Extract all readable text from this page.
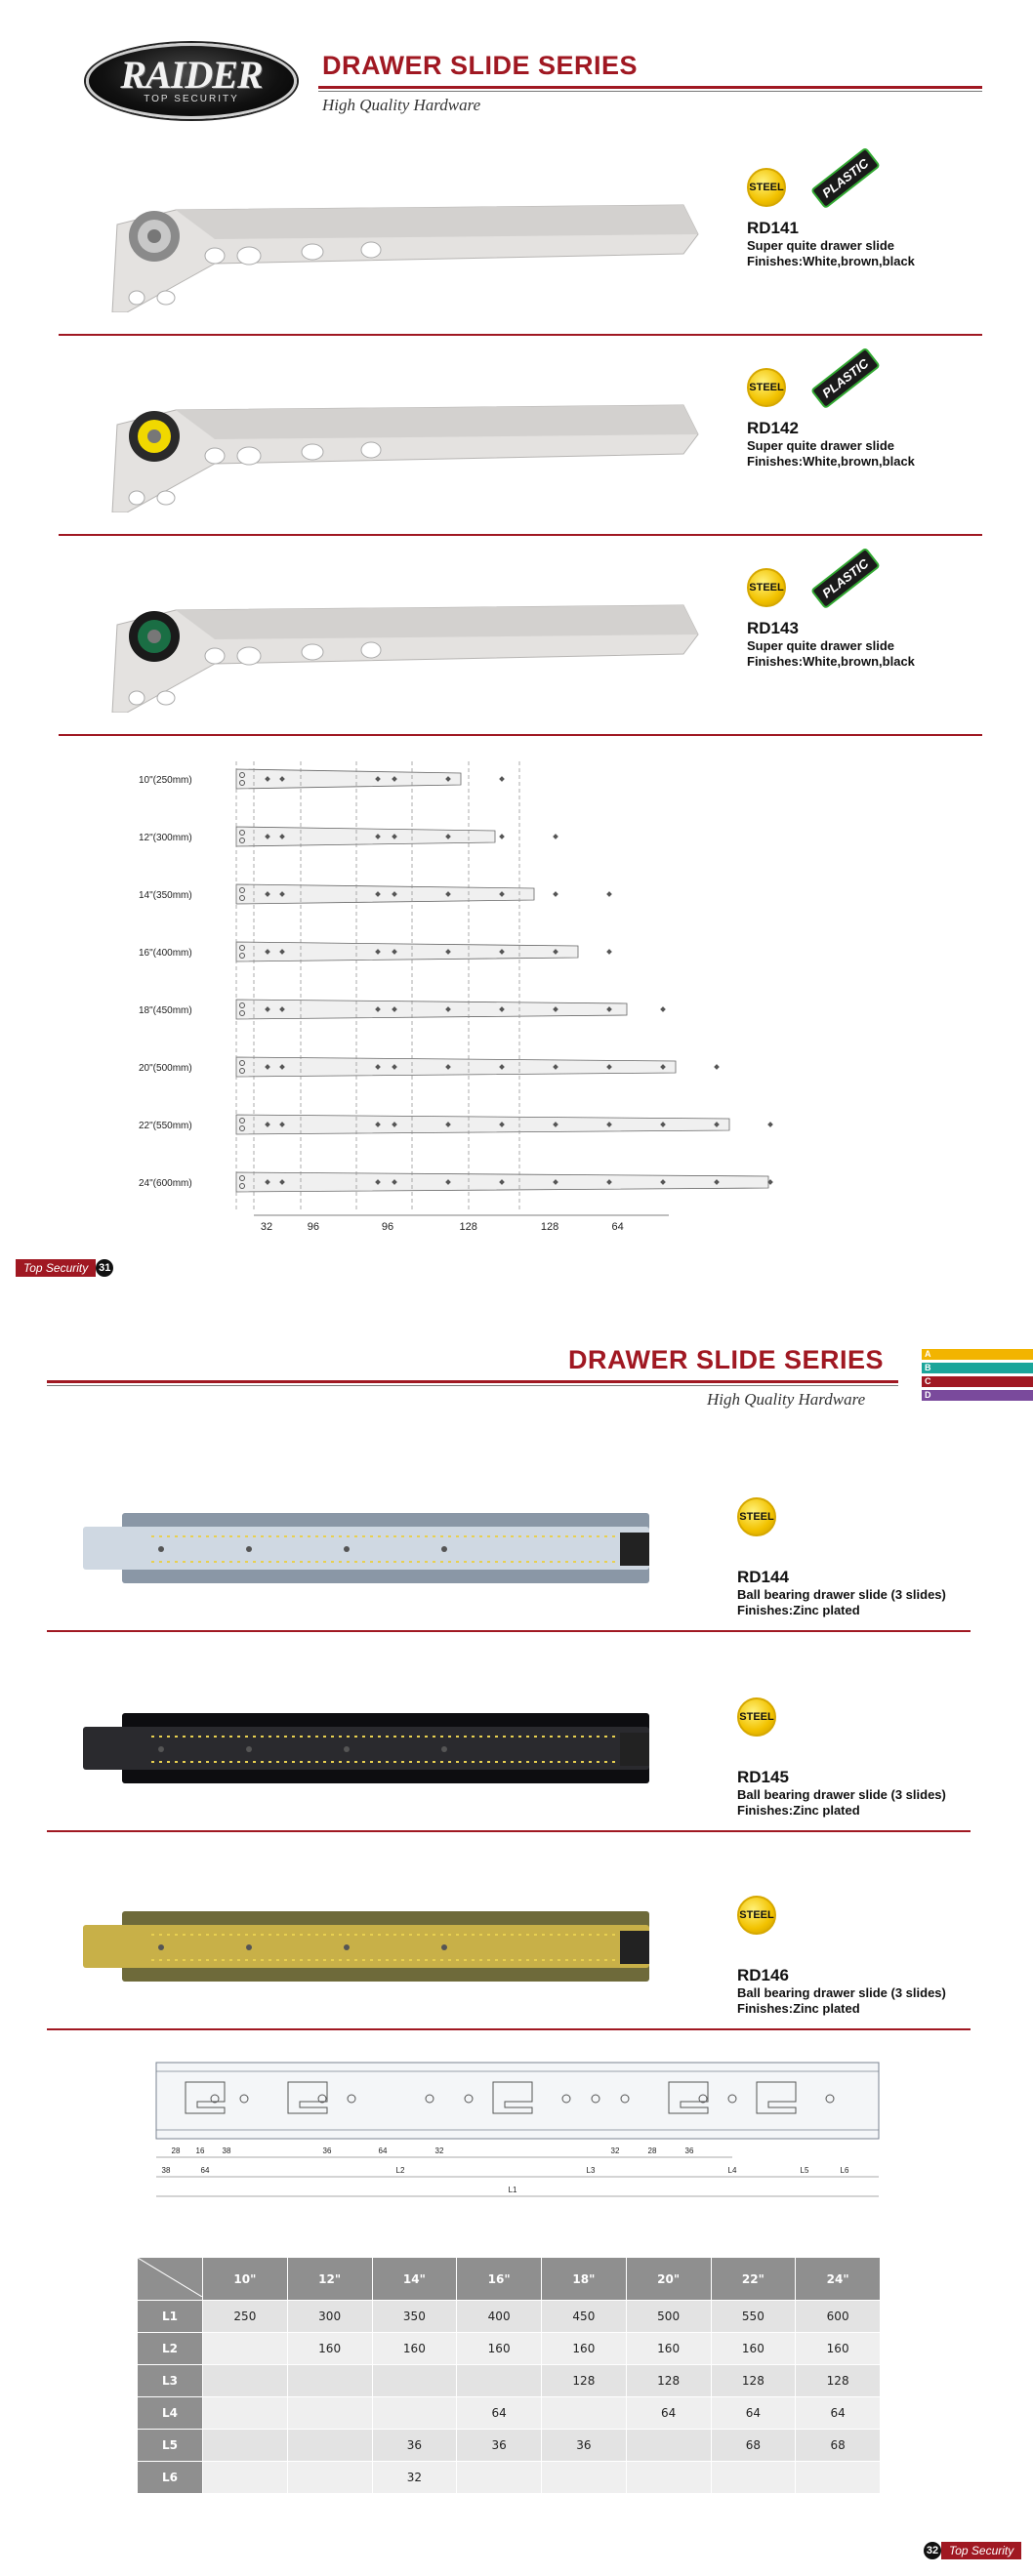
RAIDER
TOP SECURITY
DRAWER SLIDE SERIES
High Quality Hardware
STEEL	PLASTIC
RD141
Super quite drawer slide
Finishes:White,brown,black
STEEL	PLASTIC
RD142
Super quite drawer slide
Finishes:White,brown,black
STEEL	PLASTIC
RD143
Super quite drawer slide
Finishes:White,brown,black
10"(250mm)
12"(300mm)
14"(350mm)
16"(400mm)
18"(450mm)
20"(500mm)
22"(550mm)
24"(600mm)
32	96	96	128	128	64
Top Security 31
A
B
C
D
DRAWER SLIDE SERIES
High Quality Hardware
STEEL
RD144
Ball bearing drawer slide (3 slides)
Finishes:Zinc plated
STEEL
RD145
Ball bearing drawer slide (3 slides)
Finishes:Zinc plated
STEEL
RD146
Ball bearing drawer slide (3 slides)
Finishes:Zinc plated
28 16 38	36	64	32	32	28	36
38	64	L2	L3	L4	L5	L6
L1
	10"	12"	14"	16"	18"	20"	22"	24"
L1	250	300	350	400	450	500	550	600
L2		160	160	160	160	160	160	160
L3					128	128	128	128
L4				64		64	64	64
L5			36	36	36		68	68
L6			32					
32 Top Security
